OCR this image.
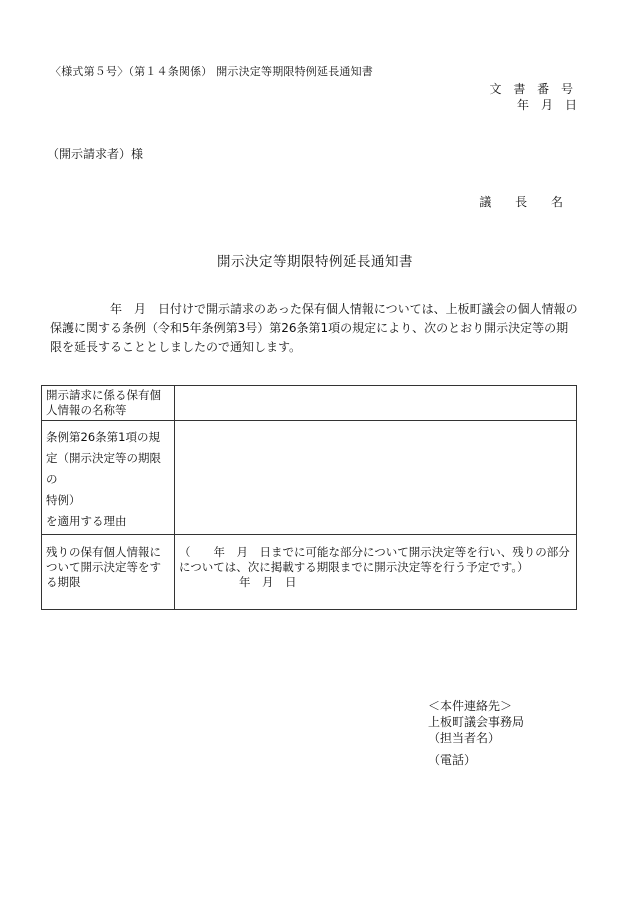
〈様式第５号〉（第１４条関係） 開示決定等期限特例延長通知書
文 書 番 号
年　月　日
（開示請求者）様
議 長 名
開示決定等期限特例延長通知書
　　　　　年　月　日付けで開示請求のあった保有個人情報については、上板町議会の個人情報の保護に関する条例（令和5年条例第3号）第26条第1項の規定により、次のとおり開示決定等の期限を延長することとしましたので通知します。
開示請求に係る保有個人情報の名称等	

条例第26条第1項の規
定（開示決定等の期限の
特例）
を適用する理由	

残りの保有個人情報について開示決定等をする期限	（　　年　月　日までに可能な部分について開示決定等を行い、残りの部分については、次に掲載する期限までに開示決定等を行う予定です。）
年　月　日
＜本件連絡先＞
上板町議会事務局
（担当者名）
（電話）
